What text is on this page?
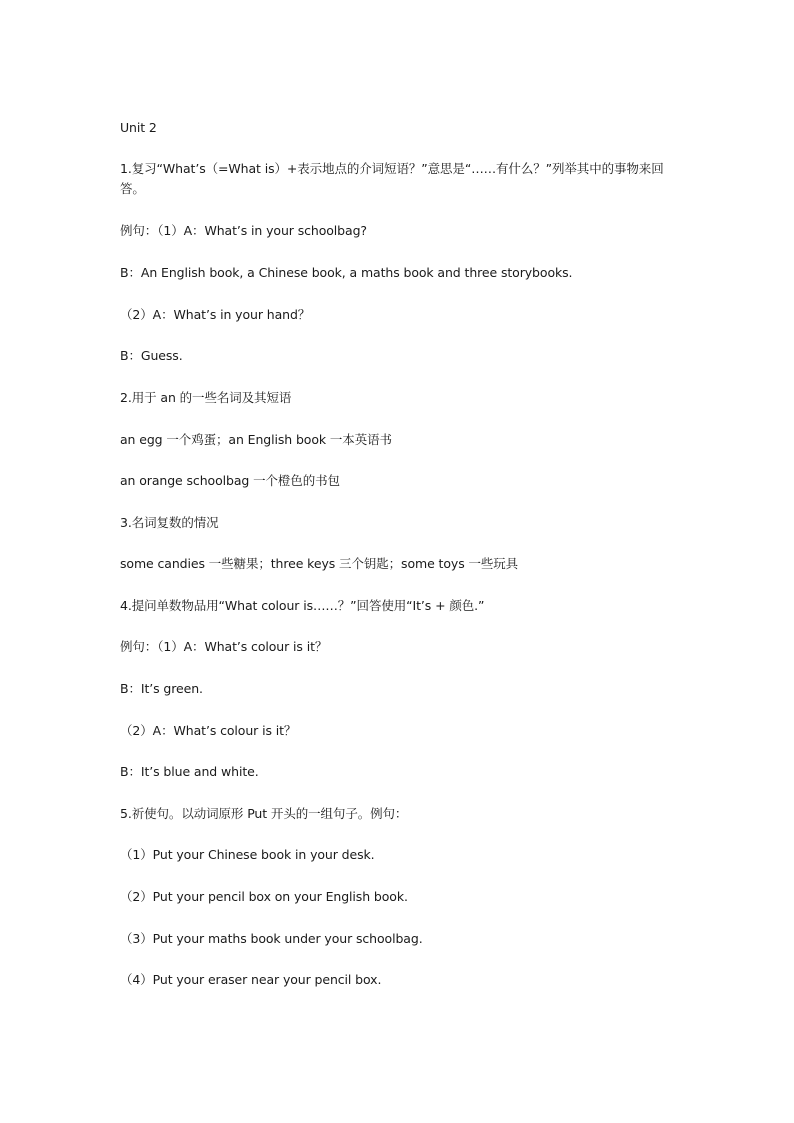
Unit 2
1.复习“What’s（=What is）+表示地点的介词短语？”意思是“……有什么？”列举其中的事物来回答。
例句：（1）A：What’s in your schoolbag?
B：An English book, a Chinese book, a maths book and three storybooks.
（2）A：What’s in your hand？
B：Guess.
2.用于 an 的一些名词及其短语
an egg 一个鸡蛋；an English book 一本英语书
an orange schoolbag 一个橙色的书包
3.名词复数的情况
some candies 一些糖果；three keys 三个钥匙；some toys 一些玩具
4.提问单数物品用“What colour is……？”回答使用“It’s + 颜色.”
例句：（1）A：What’s colour is it？
B：It’s green.
（2）A：What’s colour is it？
B：It’s blue and white.
5.祈使句。以动词原形 Put 开头的一组句子。例句：
（1）Put your Chinese book in your desk.
（2）Put your pencil box on your English book.
（3）Put your maths book under your schoolbag.
（4）Put your eraser near your pencil box.
